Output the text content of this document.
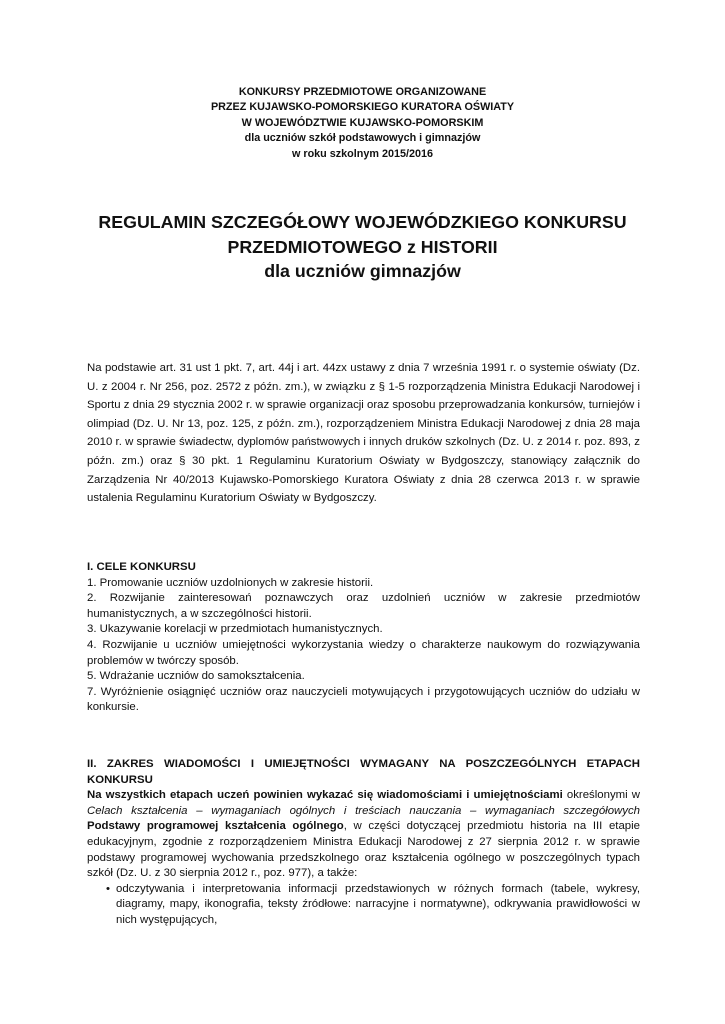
KONKURSY PRZEDMIOTOWE ORGANIZOWANE
PRZEZ KUJAWSKO-POMORSKIEGO KURATORA OŚWIATY
W WOJEWÓDZTWIE KUJAWSKO-POMORSKIM
dla uczniów szkół podstawowych i gimnazjów
w roku szkolnym 2015/2016
REGULAMIN SZCZEGÓŁOWY WOJEWÓDZKIEGO KONKURSU
PRZEDMIOTOWEGO z HISTORII
dla uczniów gimnazjów

Na podstawie art. 31 ust 1 pkt. 7, art. 44j i art. 44zx ustawy z dnia 7 września 1991 r. o systemie oświaty (Dz. U. z 2004 r. Nr 256, poz. 2572 z późn. zm.), w związku z § 1-5 rozporządzenia Ministra Edukacji Narodowej i Sportu z dnia 29 stycznia 2002 r. w sprawie organizacji oraz sposobu przeprowadzania konkursów, turniejów i olimpiad (Dz. U. Nr 13, poz. 125, z późn. zm.), rozporządzeniem Ministra Edukacji Narodowej z dnia 28 maja 2010 r. w sprawie świadectw, dyplomów państwowych i innych druków szkolnych (Dz. U. z 2014 r. poz. 893, z późn. zm.) oraz § 30 pkt. 1 Regulaminu Kuratorium Oświaty w Bydgoszczy, stanowiący załącznik do Zarządzenia Nr 40/2013 Kujawsko-Pomorskiego Kuratora Oświaty z dnia 28 czerwca 2013 r. w sprawie ustalenia Regulaminu Kuratorium Oświaty w Bydgoszczy.

I. CELE KONKURSU

1. Promowanie uczniów uzdolnionych w zakresie historii.

2. Rozwijanie zainteresowań poznawczych oraz uzdolnień uczniów w zakresie przedmiotów humanistycznych, a w szczególności historii.

3. Ukazywanie korelacji w przedmiotach humanistycznych.

4. Rozwijanie u uczniów umiejętności wykorzystania wiedzy o charakterze naukowym do rozwiązywania problemów w twórczy sposób.

5. Wdrażanie uczniów do samokształcenia.

7. Wyróżnienie osiągnięć uczniów oraz nauczycieli motywujących i przygotowujących uczniów do udziału w konkursie.

II. ZAKRES WIADOMOŚCI I UMIEJĘTNOŚCI WYMAGANY NA POSZCZEGÓLNYCH ETAPACH KONKURSU

Na wszystkich etapach uczeń powinien wykazać się wiadomościami i umiejętnościami określonymi w Celach kształcenia – wymaganiach ogólnych i treściach nauczania – wymaganiach szczegółowych Podstawy programowej kształcenia ogólnego, w części dotyczącej przedmiotu historia na III etapie edukacyjnym, zgodnie z rozporządzeniem Ministra Edukacji Narodowej z 27 sierpnia 2012 r. w sprawie podstawy programowej wychowania przedszkolnego oraz kształcenia ogólnego w poszczególnych typach szkół (Dz. U. z 30 sierpnia 2012 r., poz. 977), a także:

• odczytywania i interpretowania informacji przedstawionych w różnych formach (tabele, wykresy, diagramy, mapy, ikonografia, teksty źródłowe: narracyjne i normatywne), odkrywania prawidłowości w nich występujących,
